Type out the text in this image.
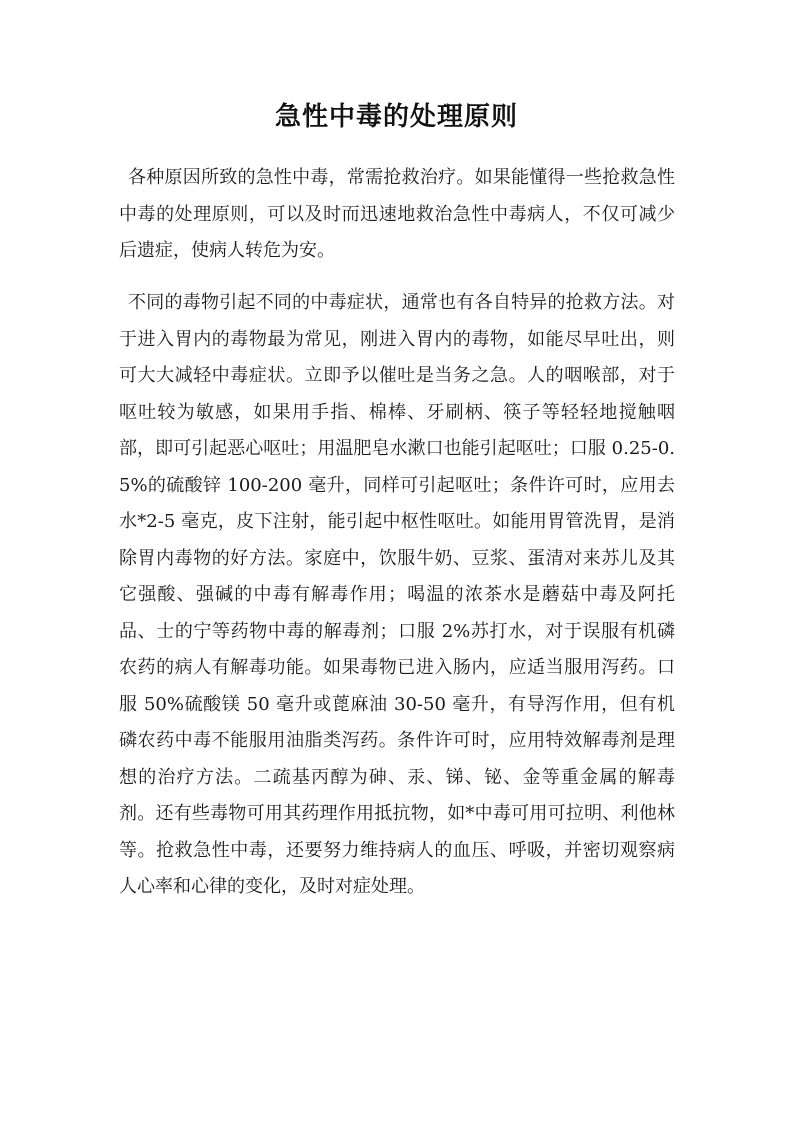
急性中毒的处理原则

各种原因所致的急性中毒，常需抢救治疗。如果能懂得一些抢救急性中毒的处理原则，可以及时而迅速地救治急性中毒病人，不仅可减少后遗症，使病人转危为安。

不同的毒物引起不同的中毒症状，通常也有各自特异的抢救方法。对于进入胃内的毒物最为常见，刚进入胃内的毒物，如能尽早吐出，则可大大减轻中毒症状。立即予以催吐是当务之急。人的咽喉部，对于呕吐较为敏感，如果用手指、棉棒、牙刷柄、筷子等轻轻地搅触咽部，即可引起恶心呕吐；用温肥皂水漱口也能引起呕吐；口服 0.25-0.5%的硫酸锌 100-200 毫升，同样可引起呕吐；条件许可时，应用去水*2-5 毫克，皮下注射，能引起中枢性呕吐。如能用胃管洗胃，是消除胃内毒物的好方法。家庭中，饮服牛奶、豆浆、蛋清对来苏儿及其它强酸、强碱的中毒有解毒作用；喝温的浓茶水是蘑菇中毒及阿托品、士的宁等药物中毒的解毒剂；口服 2%苏打水，对于误服有机磷农药的病人有解毒功能。如果毒物已进入肠内，应适当服用泻药。口服 50%硫酸镁 50 毫升或蓖麻油 30-50 毫升，有导泻作用，但有机磷农药中毒不能服用油脂类泻药。条件许可时，应用特效解毒剂是理想的治疗方法。二疏基丙醇为砷、汞、锑、铋、金等重金属的解毒剂。还有些毒物可用其药理作用抵抗物，如*中毒可用可拉明、利他林等。抢救急性中毒，还要努力维持病人的血压、呼吸，并密切观察病人心率和心律的变化，及时对症处理。
